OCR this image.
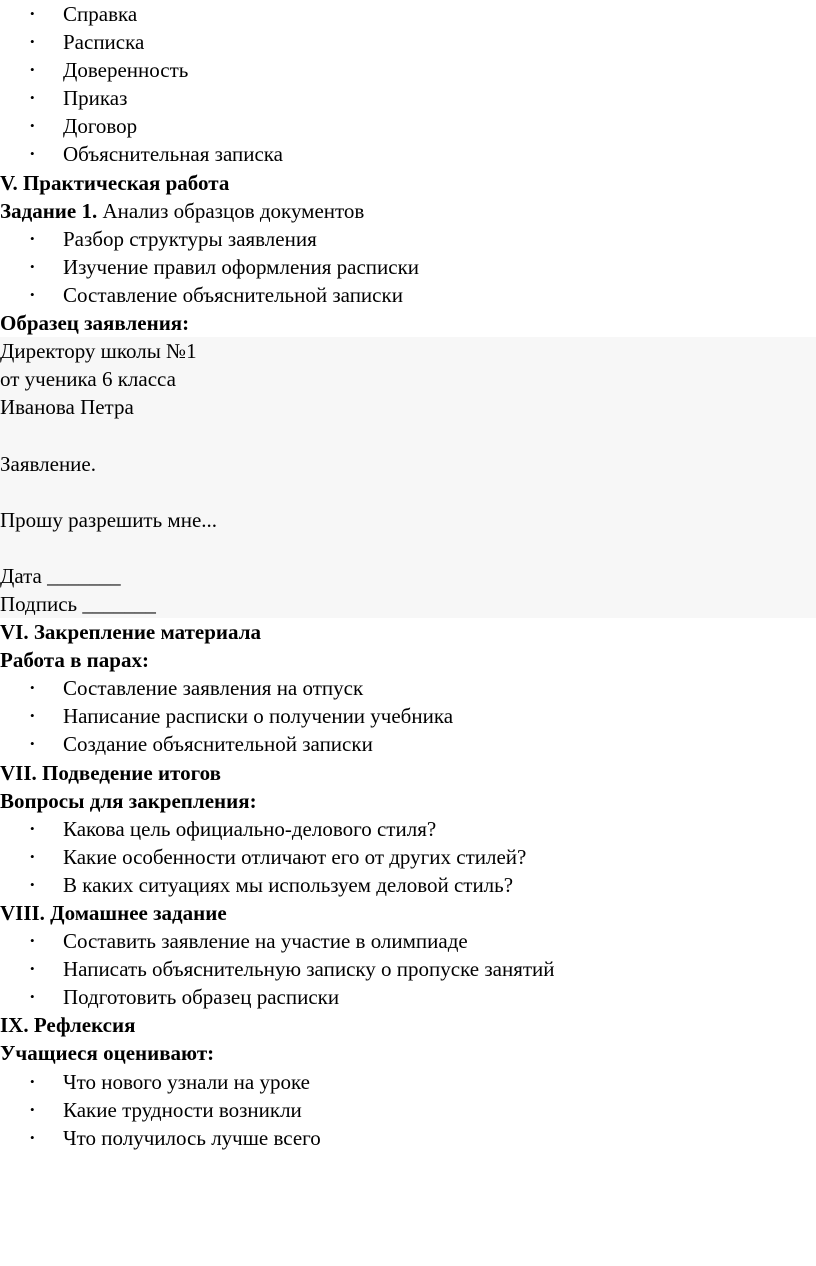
• Справка
• Расписка
• Доверенность
• Приказ
• Договор
• Объяснительная записка
V. Практическая работа
Задание 1. Анализ образцов документов
• Разбор структуры заявления
• Изучение правил оформления расписки
• Составление объяснительной записки
Образец заявления:
Директору школы №1
от ученика 6 класса
Иванова Петра
Заявление.
Прошу разрешить мне...
Дата _______
Подпись _______
VI. Закрепление материала
Работа в парах:
• Составление заявления на отпуск
• Написание расписки о получении учебника
• Создание объяснительной записки
VII. Подведение итогов
Вопросы для закрепления:
• Какова цель официально-делового стиля?
• Какие особенности отличают его от других стилей?
• В каких ситуациях мы используем деловой стиль?
VIII. Домашнее задание
• Составить заявление на участие в олимпиаде
• Написать объяснительную записку о пропуске занятий
• Подготовить образец расписки
IX. Рефлексия
Учащиеся оценивают:
• Что нового узнали на уроке
• Какие трудности возникли
• Что получилось лучше всего
